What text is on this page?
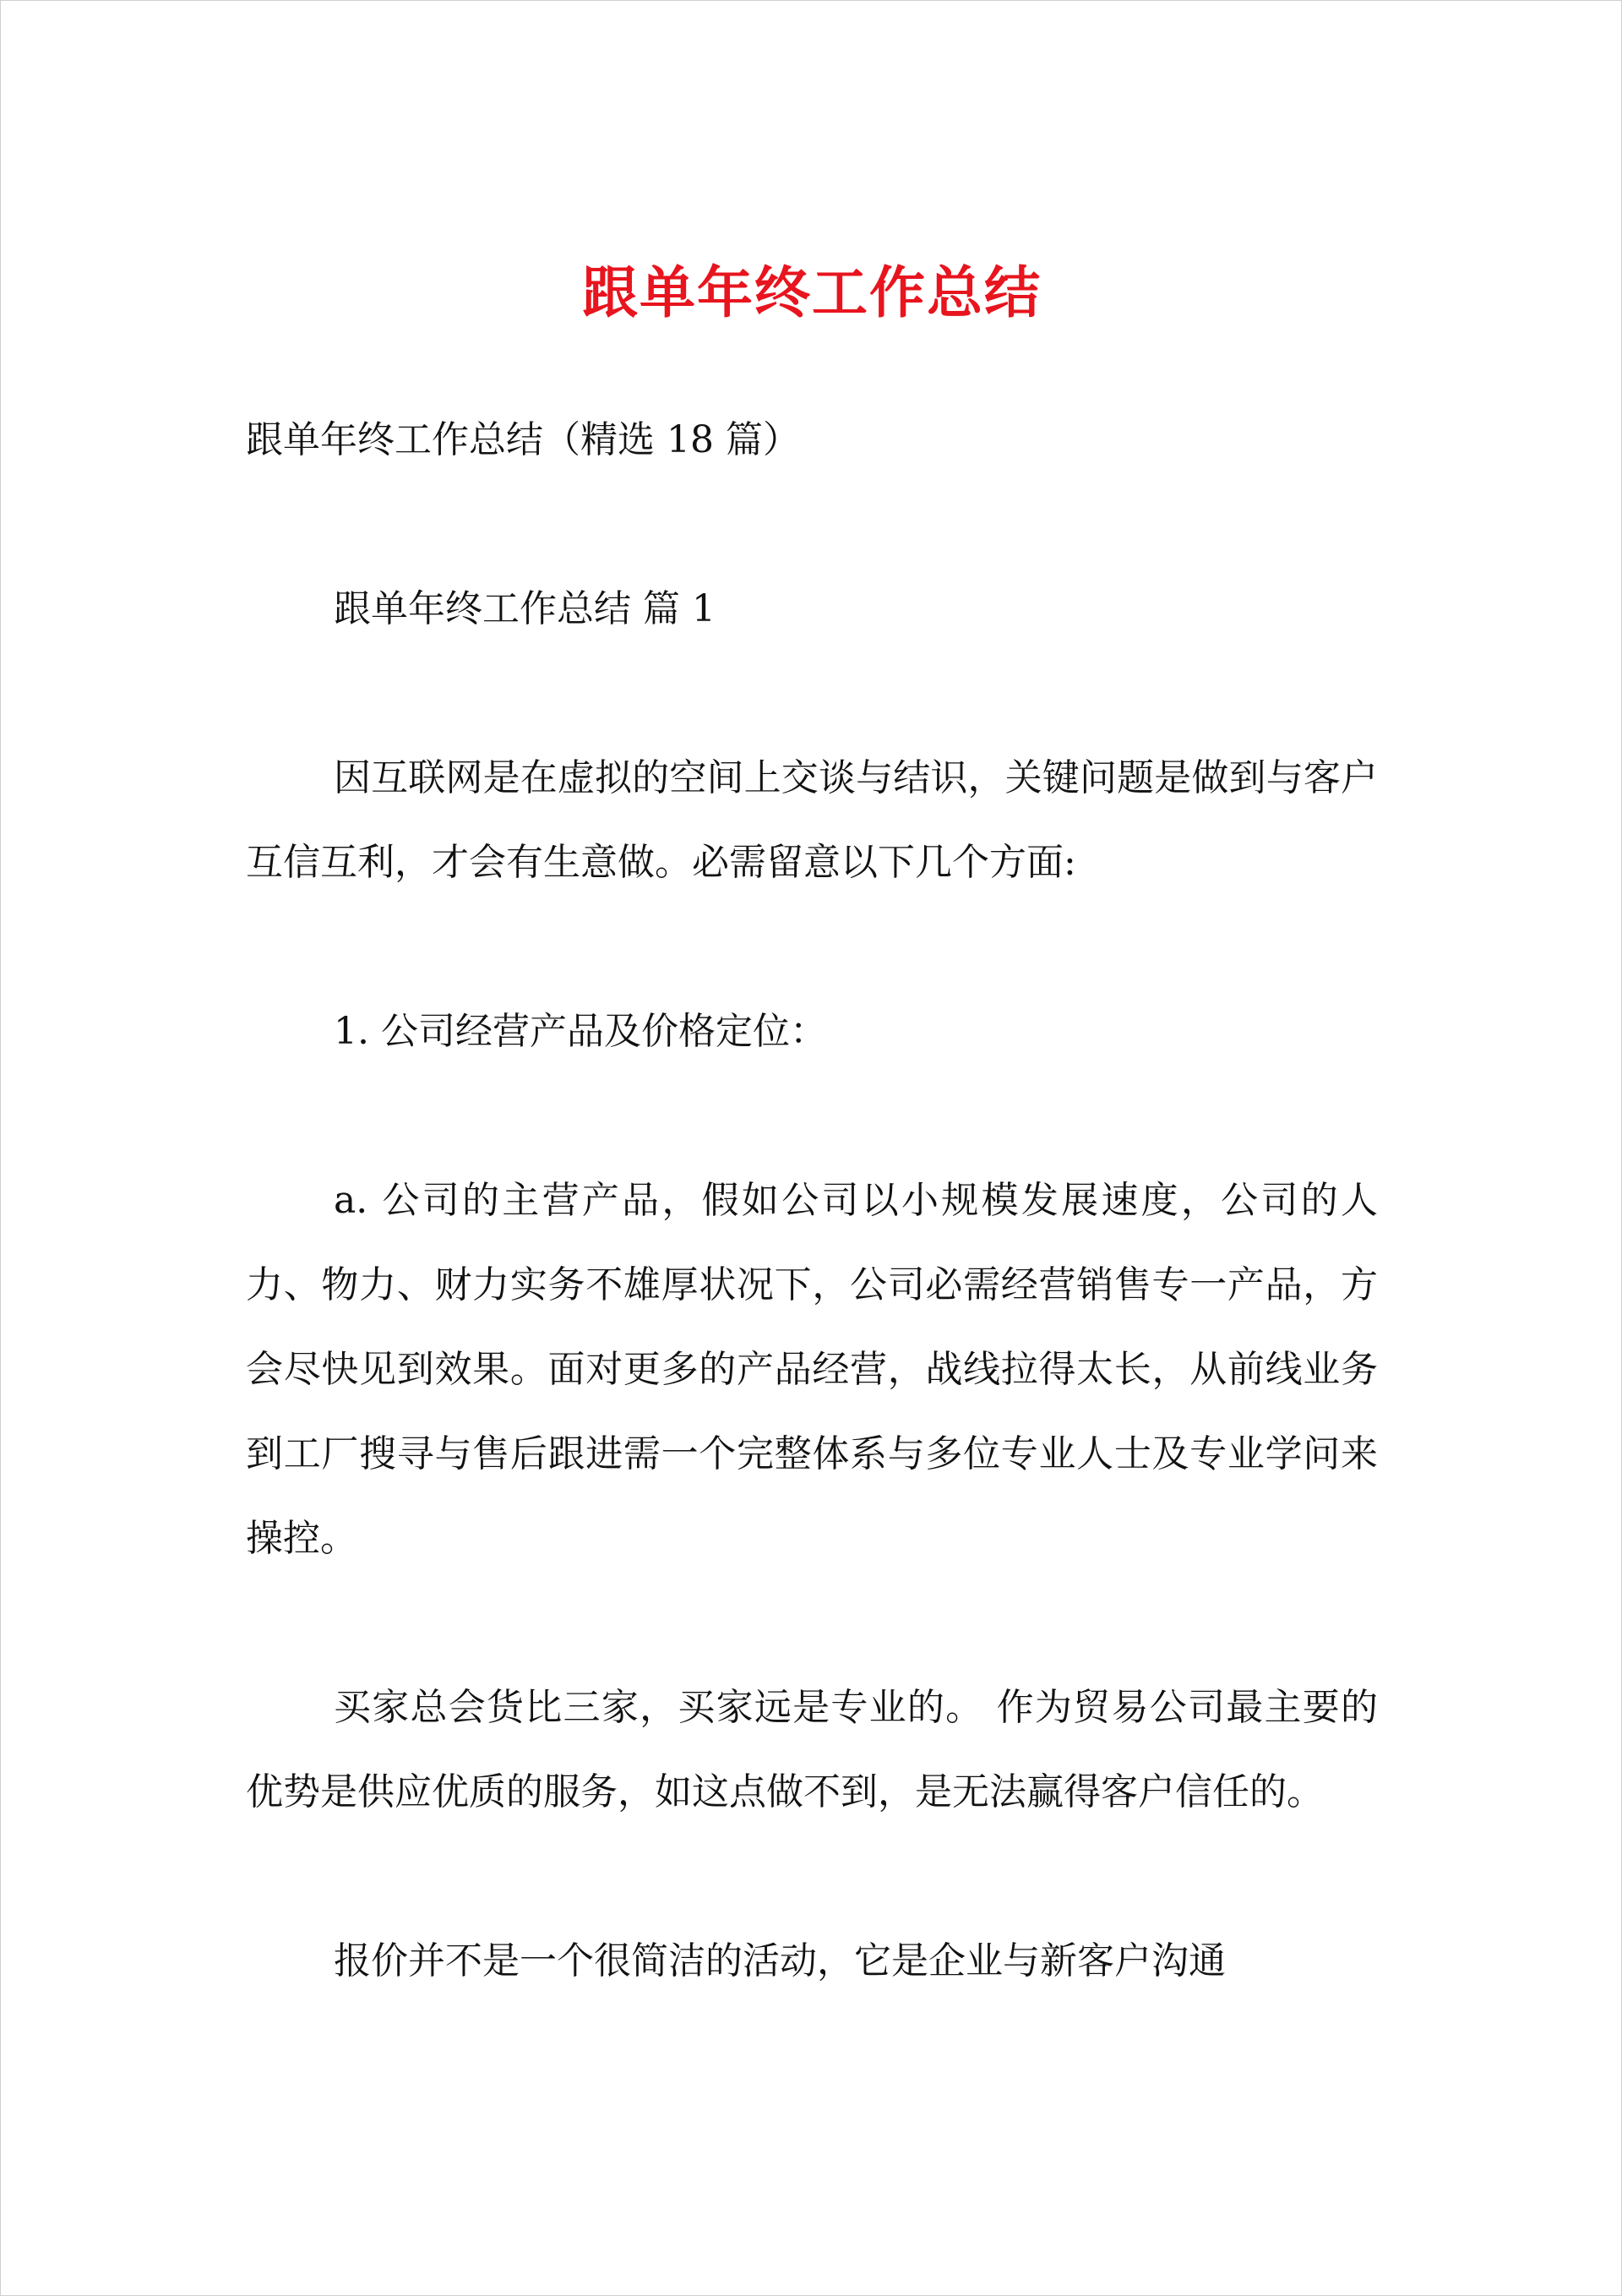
跟单年终工作总结

跟单年终工作总结（精选 18 篇）

跟单年终工作总结 篇 1

因互联网是在虚拟的空间上交谈与结识，关键问题是做到与客户互信互利，才会有生意做。必需留意以下几个方面:

1. 公司经营产品及价格定位：

a. 公司的主营产品，假如公司以小规模发展速度，公司的人力、物力、财力实务不雄厚状况下，公司必需经营销售专一产品，方会尽快见到效果。面对更多的产品经营，战线拉得太长，从前线业务到工厂搜寻与售后跟进需一个完整体系与多位专业人士及专业学问来操控。

买家总会货比三家，买家远是专业的。 作为贸易公司最主要的优势是供应优质的服务，如这点做不到，是无法赢得客户信任的。

报价并不是一个很简洁的活动，它是企业与新客户沟通
